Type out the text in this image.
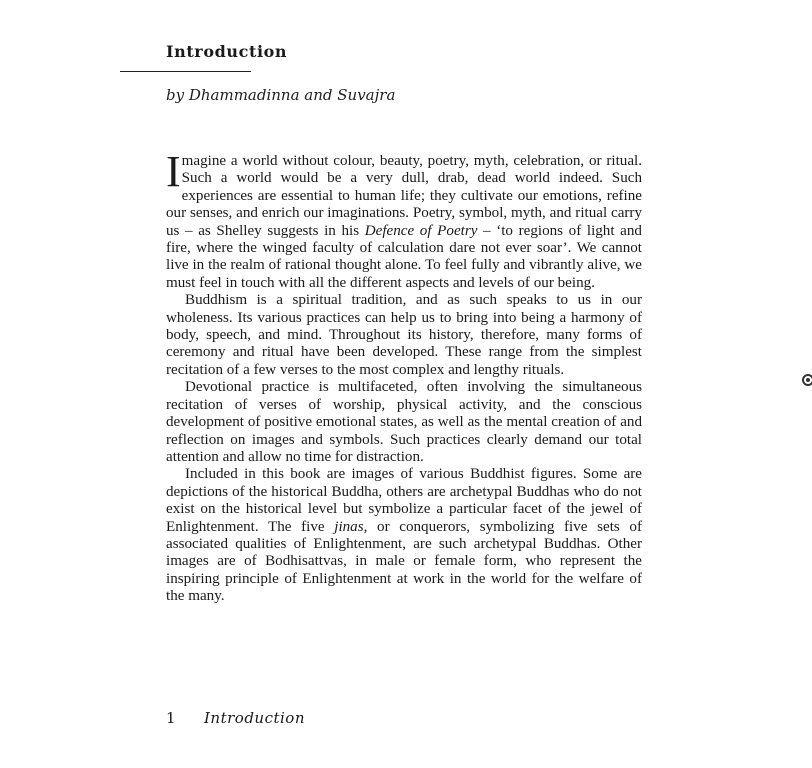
Introduction
by Dhammadinna and Suvajra

Imagine a world without colour, beauty, poetry, myth, celebration, or ritual. Such a world would be a very dull, drab, dead world indeed. Such experiences are essential to human life; they cultivate our emotions, refine our senses, and enrich our imaginations. Poetry, symbol, myth, and ritual carry us – as Shelley suggests in his Defence of Poetry – ‘to regions of light and fire, where the winged faculty of calculation dare not ever soar’. We cannot live in the realm of rational thought alone. To feel fully and vibrantly alive, we must feel in touch with all the different aspects and levels of our being.

Buddhism is a spiritual tradition, and as such speaks to us in our wholeness. Its various practices can help us to bring into being a harmony of body, speech, and mind. Throughout its history, therefore, many forms of ceremony and ritual have been developed. These range from the simplest recitation of a few verses to the most complex and lengthy rituals.

Devotional practice is multifaceted, often involving the simultaneous recitation of verses of worship, physical activity, and the conscious development of positive emotional states, as well as the mental creation of and reflection on images and symbols. Such practices clearly demand our total attention and allow no time for distraction.

Included in this book are images of various Buddhist figures. Some are depictions of the historical Buddha, others are archetypal Buddhas who do not exist on the historical level but symbolize a particular facet of the jewel of Enlightenment. The five jinas, or conquerors, symbolizing five sets of associated qualities of Enlightenment, are such archetypal Buddhas. Other images are of Bodhisattvas, in male or female form, who represent the inspiring principle of Enlightenment at work in the world for the welfare of the many.

1 Introduction
